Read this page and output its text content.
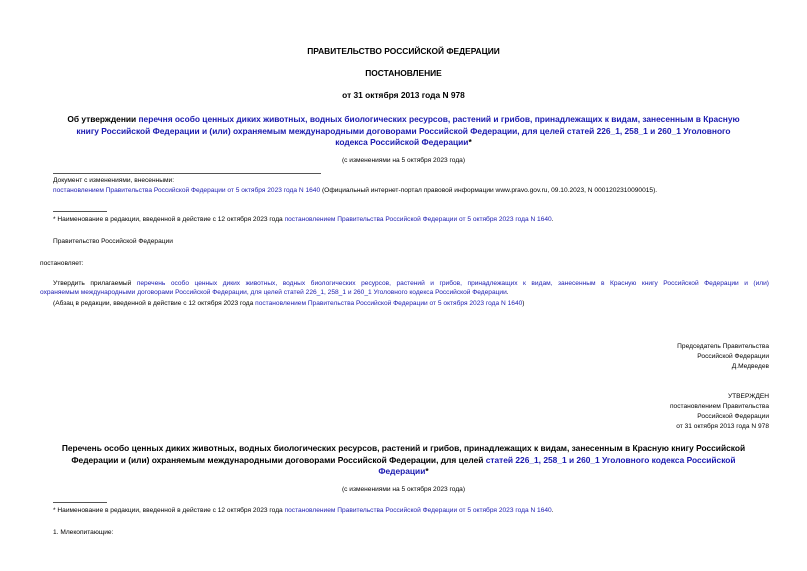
ПРАВИТЕЛЬСТВО РОССИЙСКОЙ ФЕДЕРАЦИИ
ПОСТАНОВЛЕНИЕ
от 31 октября 2013 года N 978
Об утверждении перечня особо ценных диких животных, водных биологических ресурсов, растений и грибов, принадлежащих к видам, занесенным в Красную
книгу Российской Федерации и (или) охраняемым международными договорами Российской Федерации, для целей статей 226_1, 258_1 и 260_1 Уголовного
кодекса Российской Федерации*
(с изменениями на 5 октября 2023 года)
Документ с изменениями, внесенными:
постановлением Правительства Российской Федерации от 5 октября 2023 года N 1640 (Официальный интернет-портал правовой информации www.pravo.gov.ru, 09.10.2023, N 0001202310090015).
* Наименование в редакции, введенной в действие с 12 октября 2023 года постановлением Правительства Российской Федерации от 5 октября 2023 года N 1640.
Правительство Российской Федерации
постановляет:
Утвердить прилагаемый перечень особо ценных диких животных, водных биологических ресурсов, растений и грибов, принадлежащих к видам, занесенным в Красную книгу Российской Федерации и (или)
охраняемым международными договорами Российской Федерации, для целей статей 226_1, 258_1 и 260_1 Уголовного кодекса Российской Федерации.
(Абзац в редакции, введенной в действие с 12 октября 2023 года постановлением Правительства Российской Федерации от 5 октября 2023 года N 1640)
Председатель Правительства
Российской Федерации
Д.Медведев
УТВЕРЖДЕН
постановлением Правительства
Российской Федерации
от 31 октября 2013 года N 978
Перечень особо ценных диких животных, водных биологических ресурсов, растений и грибов, принадлежащих к видам, занесенным в Красную книгу Российской
Федерации и (или) охраняемым международными договорами Российской Федерации, для целей статей 226_1, 258_1 и 260_1 Уголовного кодекса Российской
Федерации*
(с изменениями на 5 октября 2023 года)
* Наименование в редакции, введенной в действие с 12 октября 2023 года постановлением Правительства Российской Федерации от 5 октября 2023 года N 1640.
1. Млекопитающие:
